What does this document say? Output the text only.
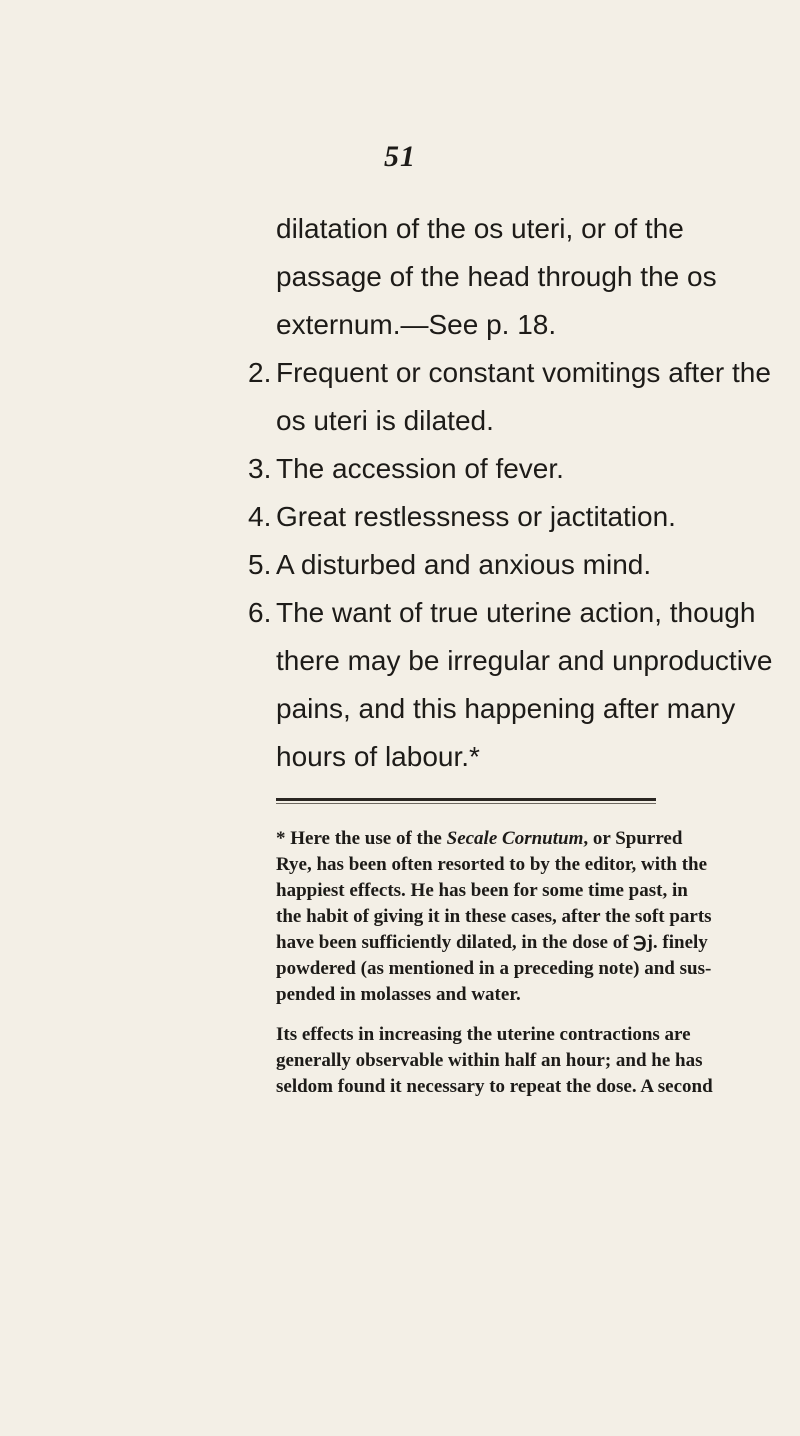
51
dilatation of the os uteri, or of the
passage of the head through the os
externum.—See p. 18.
2. Frequent or constant vomitings after the
os uteri is dilated.
3. The accession of fever.
4. Great restlessness or jactitation.
5. A disturbed and anxious mind.
6. The want of true uterine action, though
there may be irregular and unproductive
pains, and this happening after many
hours of labour.*
* Here the use of the Secale Cornutum, or Spurred
Rye, has been often resorted to by the editor, with the
happiest effects. He has been for some time past, in
the habit of giving it in these cases, after the soft parts
have been sufficiently dilated, in the dose of ℈j. finely
powdered (as mentioned in a preceding note) and sus-
pended in molasses and water.
Its effects in increasing the uterine contractions are
generally observable within half an hour; and he has
seldom found it necessary to repeat the dose. A second
